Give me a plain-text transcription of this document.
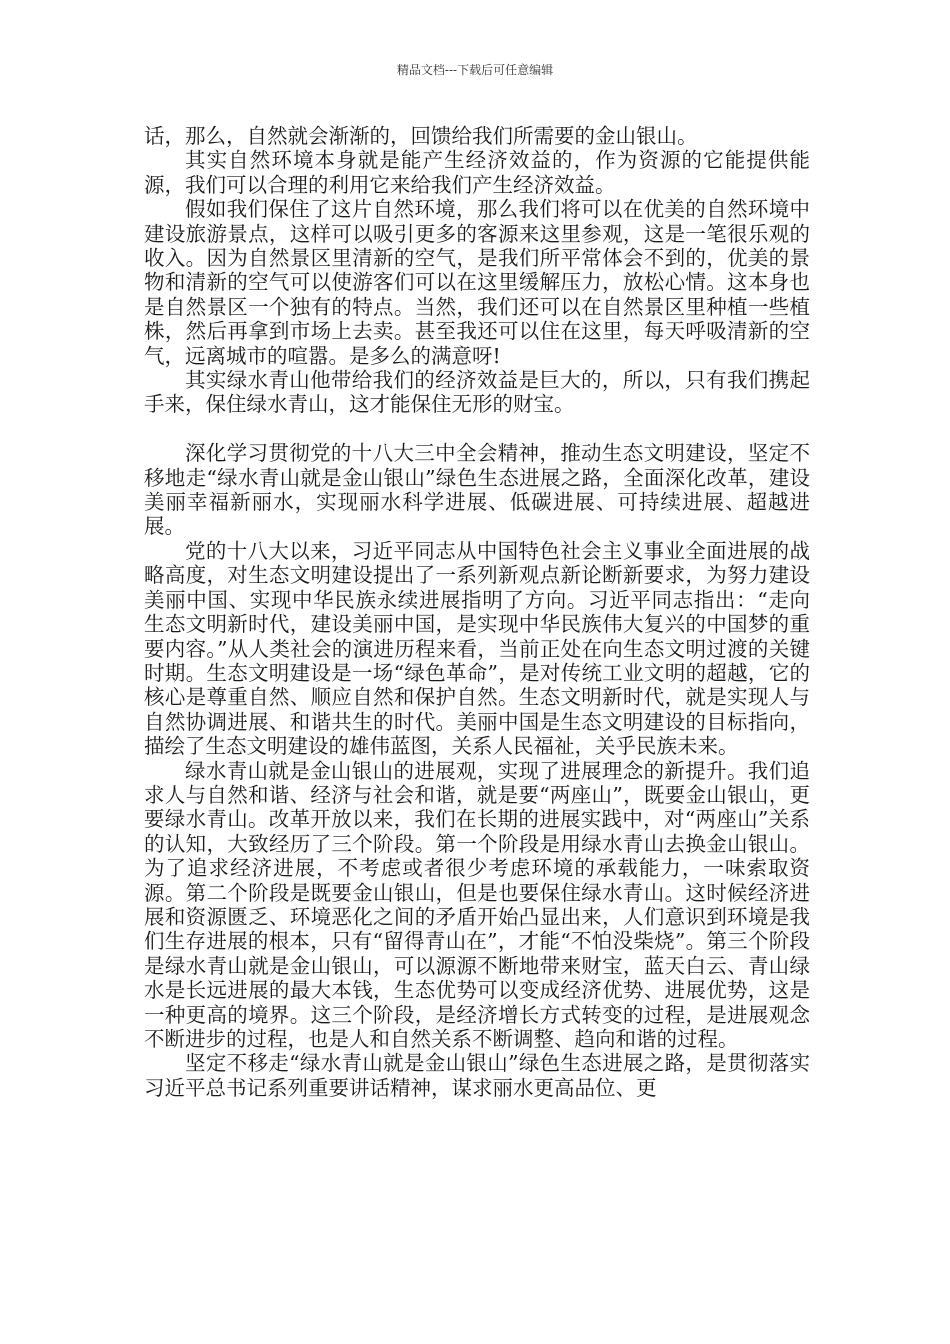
精品文档---下载后可任意编辑

话，那么，自然就会渐渐的，回馈给我们所需要的金山银山。

其实自然环境本身就是能产生经济效益的，作为资源的它能提供能源，我们可以合理的利用它来给我们产生经济效益。

假如我们保住了这片自然环境，那么我们将可以在优美的自然环境中建设旅游景点，这样可以吸引更多的客源来这里参观，这是一笔很乐观的收入。因为自然景区里清新的空气，是我们所平常体会不到的，优美的景物和清新的空气可以使游客们可以在这里缓解压力，放松心情。这本身也是自然景区一个独有的特点。当然，我们还可以在自然景区里种植一些植株，然后再拿到市场上去卖。甚至我还可以住在这里，每天呼吸清新的空气，远离城市的喧嚣。是多么的满意呀!

其实绿水青山他带给我们的经济效益是巨大的，所以，只有我们携起手来，保住绿水青山，这才能保住无形的财宝。

深化学习贯彻党的十八大三中全会精神，推动生态文明建设，坚定不移地走“绿水青山就是金山银山”绿色生态进展之路，全面深化改革，建设美丽幸福新丽水，实现丽水科学进展、低碳进展、可持续进展、超越进展。

党的十八大以来，习近平同志从中国特色社会主义事业全面进展的战略高度，对生态文明建设提出了一系列新观点新论断新要求，为努力建设美丽中国、实现中华民族永续进展指明了方向。习近平同志指出：“走向生态文明新时代，建设美丽中国，是实现中华民族伟大复兴的中国梦的重要内容。”从人类社会的演进历程来看，当前正处在向生态文明过渡的关键时期。生态文明建设是一场“绿色革命”，是对传统工业文明的超越，它的核心是尊重自然、顺应自然和保护自然。生态文明新时代，就是实现人与自然协调进展、和谐共生的时代。美丽中国是生态文明建设的目标指向，描绘了生态文明建设的雄伟蓝图，关系人民福祉，关乎民族未来。

绿水青山就是金山银山的进展观，实现了进展理念的新提升。我们追求人与自然和谐、经济与社会和谐，就是要“两座山”，既要金山银山，更要绿水青山。改革开放以来，我们在长期的进展实践中，对“两座山”关系的认知，大致经历了三个阶段。第一个阶段是用绿水青山去换金山银山。为了追求经济进展，不考虑或者很少考虑环境的承载能力，一味索取资源。第二个阶段是既要金山银山，但是也要保住绿水青山。这时候经济进展和资源匮乏、环境恶化之间的矛盾开始凸显出来，人们意识到环境是我们生存进展的根本，只有“留得青山在”，才能“不怕没柴烧”。第三个阶段是绿水青山就是金山银山，可以源源不断地带来财宝，蓝天白云、青山绿水是长远进展的最大本钱，生态优势可以变成经济优势、进展优势，这是一种更高的境界。这三个阶段，是经济增长方式转变的过程，是进展观念不断进步的过程，也是人和自然关系不断调整、趋向和谐的过程。

坚定不移走“绿水青山就是金山银山”绿色生态进展之路，是贯彻落实习近平总书记系列重要讲话精神，谋求丽水更高品位、更
